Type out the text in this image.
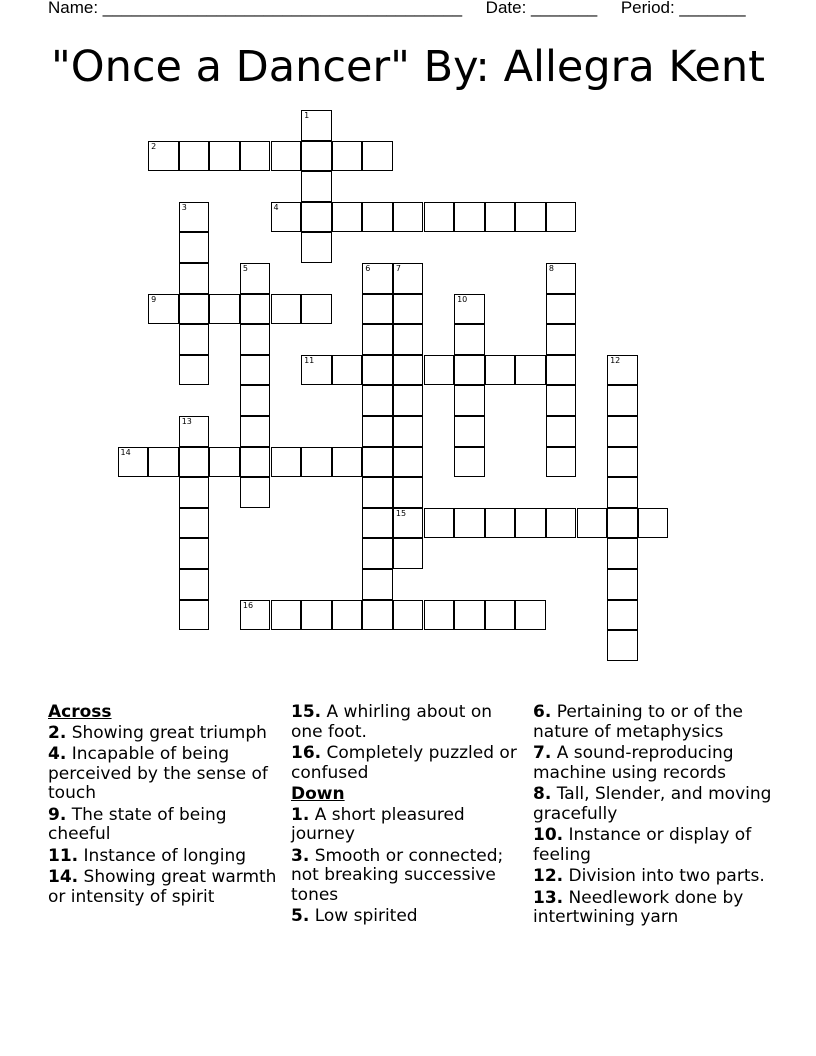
Name: ______________________________________     Date: _______     Period: _______
"Once a Dancer" By: Allegra Kent
2
1
3	4
5	6	7
15
8
9	10
11	12
13
14
16
Across
2. Showing great triumph
4. Incapable of being perceived by the sense of touch
9. The state of being cheeful
11. Instance of longing
14. Showing great warmth or intensity of spirit
15. A whirling about on one foot.
16. Completely puzzled or confused
Down
1. A short pleasured journey
3. Smooth or connected; not breaking successive tones
5. Low spirited
6. Pertaining to or of the nature of metaphysics
7. A sound-reproducing machine using records
8. Tall, Slender, and moving gracefully
10. Instance or display of feeling
12. Division into two parts.
13. Needlework done by intertwining yarn
